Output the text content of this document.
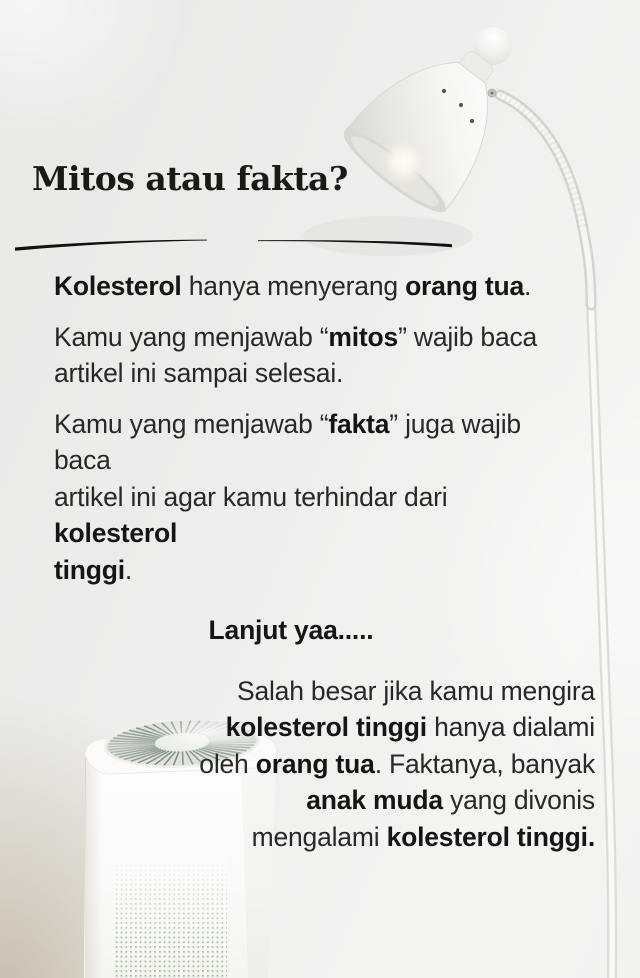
Mitos atau fakta?
Kolesterol hanya menyerang orang tua.
Kamu yang menjawab “mitos” wajib baca
artikel ini sampai selesai.
Kamu yang menjawab “fakta” juga wajib baca
artikel ini agar kamu terhindar dari kolesterol
tinggi.
Lanjut yaa.....
Salah besar jika kamu mengira
kolesterol tinggi hanya dialami
oleh orang tua. Faktanya, banyak
anak muda yang divonis
mengalami kolesterol tinggi.
